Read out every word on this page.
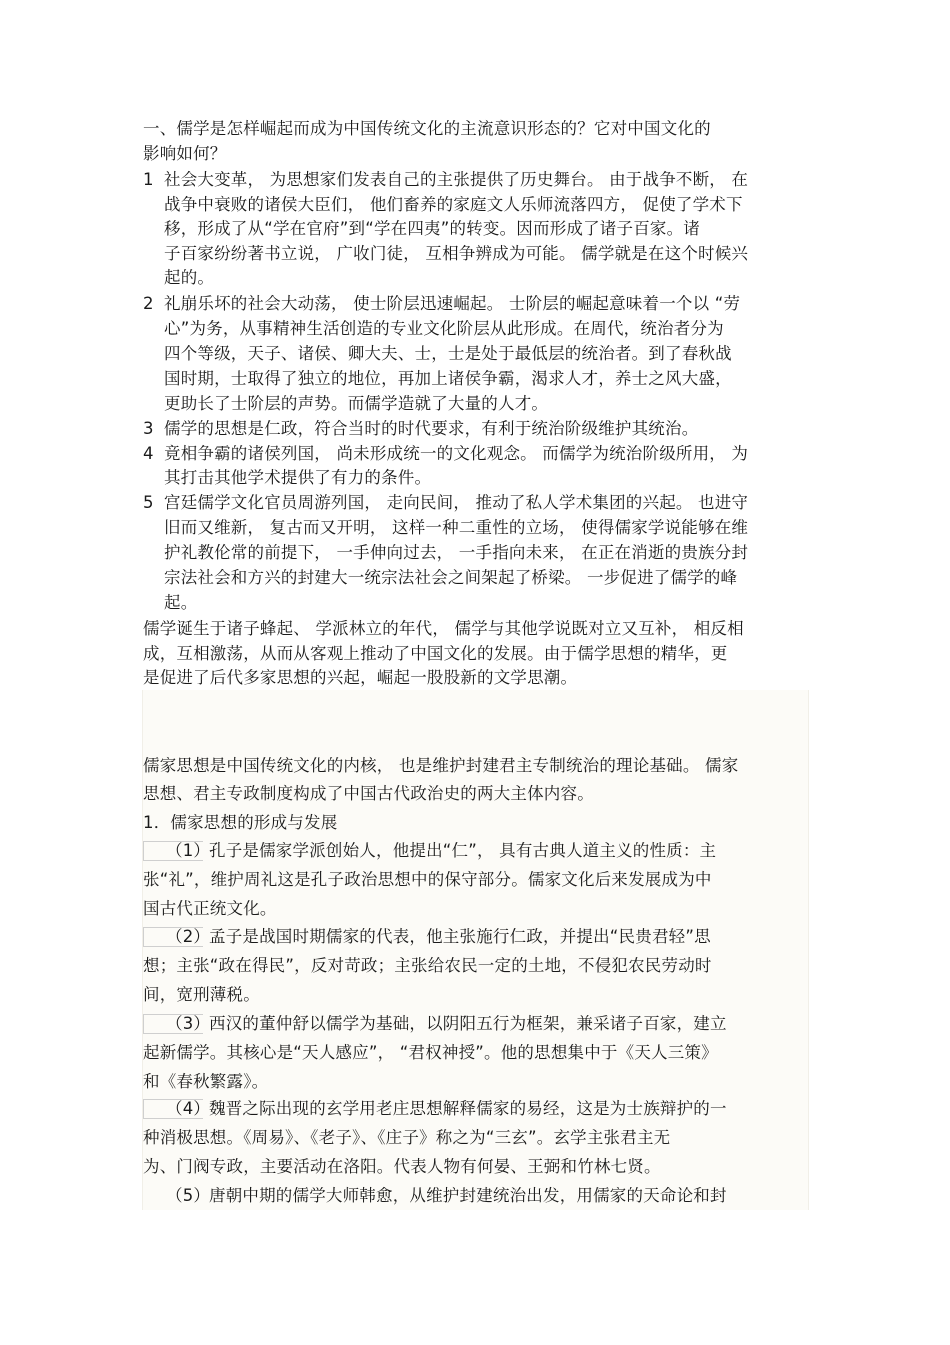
一、儒学是怎样崛起而成为中国传统文化的主流意识形态的？它对中国文化的
影响如何？
1 社会大变革， 为思想家们发表自己的主张提供了历史舞台。 由于战争不断， 在
战争中衰败的诸侯大臣们， 他们畜养的家庭文人乐师流落四方， 促使了学术下
移，形成了从“学在官府”到“学在四夷”的转变。因而形成了诸子百家。诸
子百家纷纷著书立说， 广收门徒， 互相争辨成为可能。 儒学就是在这个时候兴
起的。
2 礼崩乐坏的社会大动荡， 使士阶层迅速崛起。 士阶层的崛起意味着一个以 “劳
心”为务，从事精神生活创造的专业文化阶层从此形成。在周代，统治者分为
四个等级，天子、诸侯、卿大夫、士，士是处于最低层的统治者。到了春秋战
国时期，士取得了独立的地位，再加上诸侯争霸，渴求人才，养士之风大盛，
更助长了士阶层的声势。而儒学造就了大量的人才。
3 儒学的思想是仁政，符合当时的时代要求，有利于统治阶级维护其统治。
4 竟相争霸的诸侯列国， 尚未形成统一的文化观念。 而儒学为统治阶级所用， 为
其打击其他学术提供了有力的条件。
5 宫廷儒学文化官员周游列国， 走向民间， 推动了私人学术集团的兴起。 也进守
旧而又维新， 复古而又开明， 这样一种二重性的立场， 使得儒家学说能够在维
护礼教伦常的前提下， 一手伸向过去， 一手指向未来， 在正在消逝的贵族分封
宗法社会和方兴的封建大一统宗法社会之间架起了桥梁。 一步促进了儒学的峰
起。
儒学诞生于诸子蜂起、 学派林立的年代， 儒学与其他学说既对立又互补， 相反相
成，互相激荡，从而从客观上推动了中国文化的发展。由于儒学思想的精华，更
是促进了后代多家思想的兴起，崛起一股股新的文学思潮。
儒家思想是中国传统文化的内核， 也是维护封建君主专制统治的理论基础。 儒家
思想、君主专政制度构成了中国古代政治史的两大主体内容。
1．儒家思想的形成与发展
（1）
孔子是儒家学派创始人，他提出“仁”， 具有古典人道主义的性质：主
张“礼”，维护周礼这是孔子政治思想中的保守部分。儒家文化后来发展成为中
国古代正统文化。
（2）
孟子是战国时期儒家的代表，他主张施行仁政，并提出“民贵君轻”思
想；主张“政在得民”，反对苛政；主张给农民一定的土地，不侵犯农民劳动时
间，宽刑薄税。
（3）
西汉的董仲舒以儒学为基础，以阴阳五行为框架，兼采诸子百家，建立
起新儒学。其核心是“天人感应”， “君权神授”。他的思想集中于《天人三策》
和《春秋繁露》。
（4）
魏晋之际出现的玄学用老庄思想解释儒家的易经，这是为士族辩护的一
种消极思想。《周易》、《老子》、《庄子》称之为“三玄”。玄学主张君主无
为、门阀专政，主要活动在洛阳。代表人物有何晏、王弼和竹林七贤。
（5）
唐朝中期的儒学大师韩愈，从维护封建统治出发，用儒家的天命论和封
